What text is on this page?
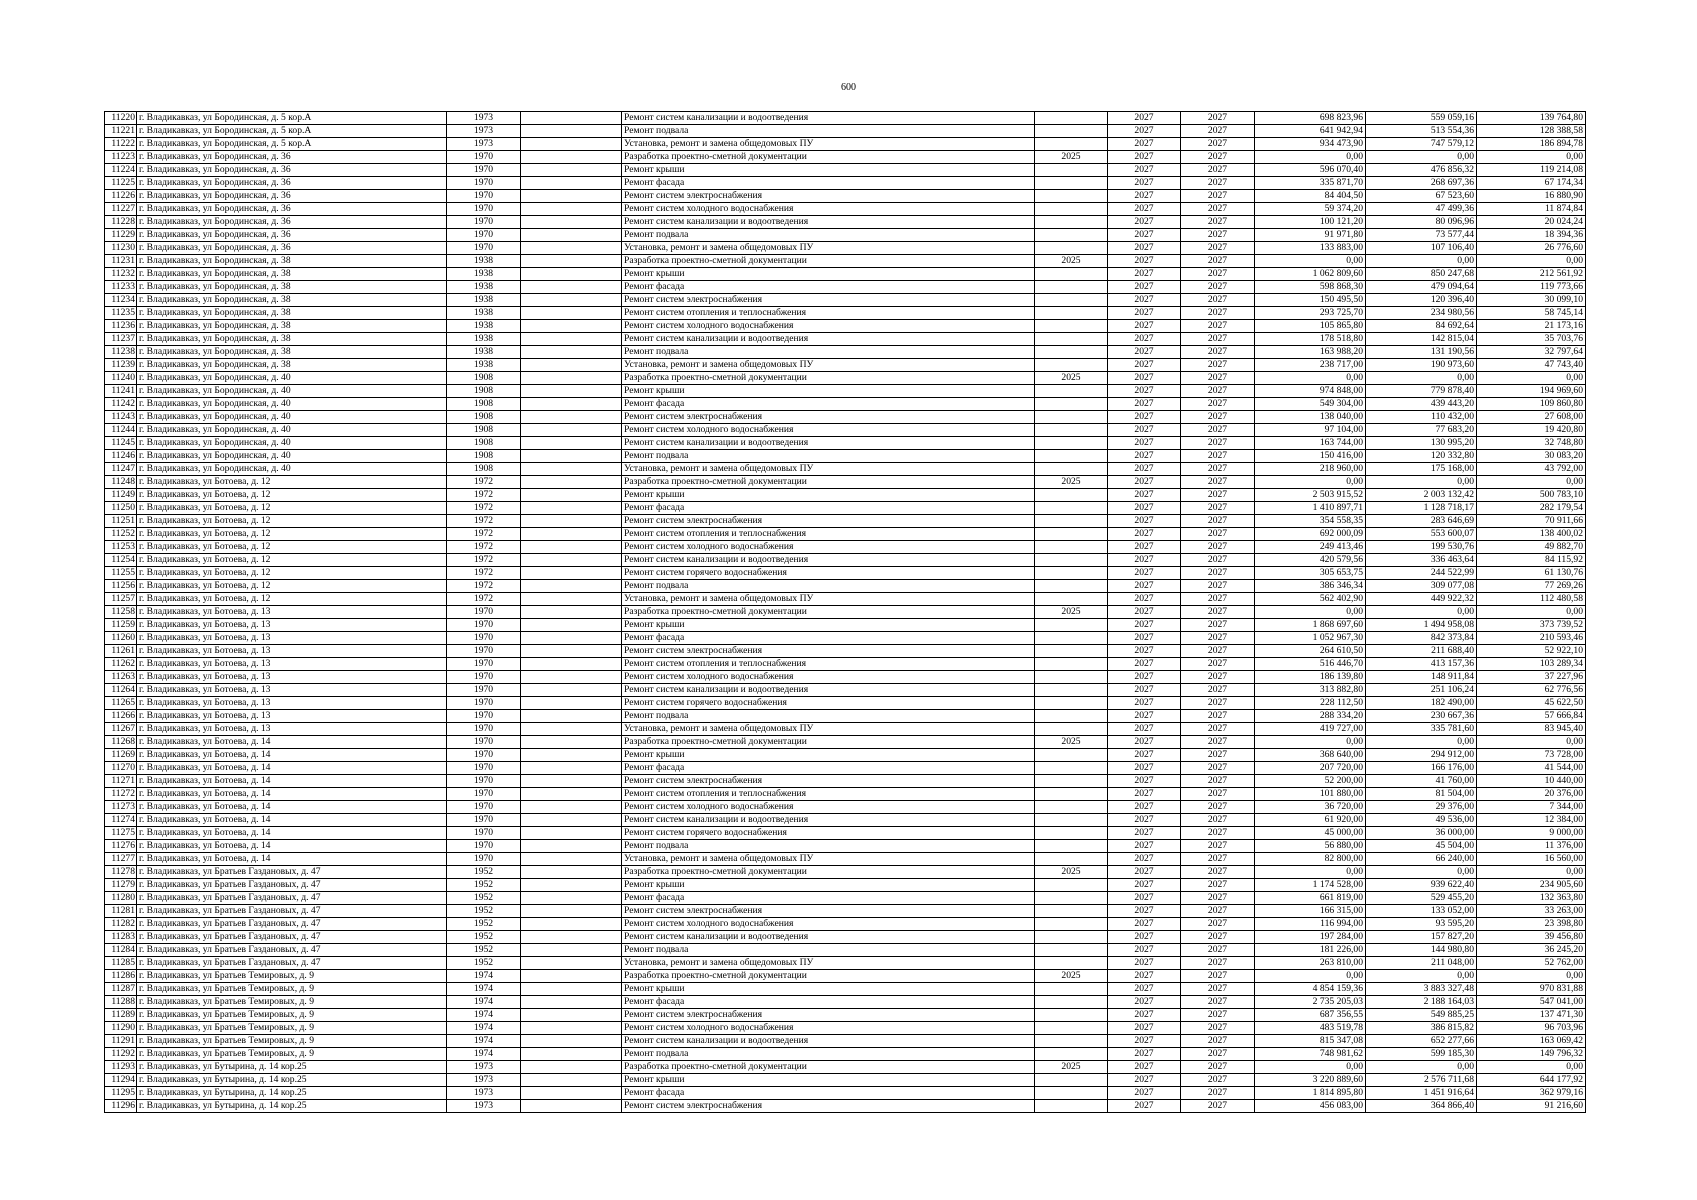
600
11220	г. Владикавказ, ул Бородинская, д. 5 кор.А	1973		Ремонт систем канализации и водоотведения		2027	2027	698 823,96	559 059,16	139 764,80
11221	г. Владикавказ, ул Бородинская, д. 5 кор.А	1973		Ремонт подвала		2027	2027	641 942,94	513 554,36	128 388,58
11222	г. Владикавказ, ул Бородинская, д. 5 кор.А	1973		Установка, ремонт и замена общедомовых ПУ		2027	2027	934 473,90	747 579,12	186 894,78
11223	г. Владикавказ, ул Бородинская, д. 36	1970		Разработка проектно-сметной документации	2025	2027	2027	0,00	0,00	0,00
11224	г. Владикавказ, ул Бородинская, д. 36	1970		Ремонт крыши		2027	2027	596 070,40	476 856,32	119 214,08
11225	г. Владикавказ, ул Бородинская, д. 36	1970		Ремонт фасада		2027	2027	335 871,70	268 697,36	67 174,34
11226	г. Владикавказ, ул Бородинская, д. 36	1970		Ремонт систем электроснабжения		2027	2027	84 404,50	67 523,60	16 880,90
11227	г. Владикавказ, ул Бородинская, д. 36	1970		Ремонт систем холодного водоснабжения		2027	2027	59 374,20	47 499,36	11 874,84
11228	г. Владикавказ, ул Бородинская, д. 36	1970		Ремонт систем канализации и водоотведения		2027	2027	100 121,20	80 096,96	20 024,24
11229	г. Владикавказ, ул Бородинская, д. 36	1970		Ремонт подвала		2027	2027	91 971,80	73 577,44	18 394,36
11230	г. Владикавказ, ул Бородинская, д. 36	1970		Установка, ремонт и замена общедомовых ПУ		2027	2027	133 883,00	107 106,40	26 776,60
11231	г. Владикавказ, ул Бородинская, д. 38	1938		Разработка проектно-сметной документации	2025	2027	2027	0,00	0,00	0,00
11232	г. Владикавказ, ул Бородинская, д. 38	1938		Ремонт крыши		2027	2027	1 062 809,60	850 247,68	212 561,92
11233	г. Владикавказ, ул Бородинская, д. 38	1938		Ремонт фасада		2027	2027	598 868,30	479 094,64	119 773,66
11234	г. Владикавказ, ул Бородинская, д. 38	1938		Ремонт систем электроснабжения		2027	2027	150 495,50	120 396,40	30 099,10
11235	г. Владикавказ, ул Бородинская, д. 38	1938		Ремонт систем отопления и теплоснабжения		2027	2027	293 725,70	234 980,56	58 745,14
11236	г. Владикавказ, ул Бородинская, д. 38	1938		Ремонт систем холодного водоснабжения		2027	2027	105 865,80	84 692,64	21 173,16
11237	г. Владикавказ, ул Бородинская, д. 38	1938		Ремонт систем канализации и водоотведения		2027	2027	178 518,80	142 815,04	35 703,76
11238	г. Владикавказ, ул Бородинская, д. 38	1938		Ремонт подвала		2027	2027	163 988,20	131 190,56	32 797,64
11239	г. Владикавказ, ул Бородинская, д. 38	1938		Установка, ремонт и замена общедомовых ПУ		2027	2027	238 717,00	190 973,60	47 743,40
11240	г. Владикавказ, ул Бородинская, д. 40	1908		Разработка проектно-сметной документации	2025	2027	2027	0,00	0,00	0,00
11241	г. Владикавказ, ул Бородинская, д. 40	1908		Ремонт крыши		2027	2027	974 848,00	779 878,40	194 969,60
11242	г. Владикавказ, ул Бородинская, д. 40	1908		Ремонт фасада		2027	2027	549 304,00	439 443,20	109 860,80
11243	г. Владикавказ, ул Бородинская, д. 40	1908		Ремонт систем электроснабжения		2027	2027	138 040,00	110 432,00	27 608,00
11244	г. Владикавказ, ул Бородинская, д. 40	1908		Ремонт систем холодного водоснабжения		2027	2027	97 104,00	77 683,20	19 420,80
11245	г. Владикавказ, ул Бородинская, д. 40	1908		Ремонт систем канализации и водоотведения		2027	2027	163 744,00	130 995,20	32 748,80
11246	г. Владикавказ, ул Бородинская, д. 40	1908		Ремонт подвала		2027	2027	150 416,00	120 332,80	30 083,20
11247	г. Владикавказ, ул Бородинская, д. 40	1908		Установка, ремонт и замена общедомовых ПУ		2027	2027	218 960,00	175 168,00	43 792,00
11248	г. Владикавказ, ул Ботоева, д. 12	1972		Разработка проектно-сметной документации	2025	2027	2027	0,00	0,00	0,00
11249	г. Владикавказ, ул Ботоева, д. 12	1972		Ремонт крыши		2027	2027	2 503 915,52	2 003 132,42	500 783,10
11250	г. Владикавказ, ул Ботоева, д. 12	1972		Ремонт фасада		2027	2027	1 410 897,71	1 128 718,17	282 179,54
11251	г. Владикавказ, ул Ботоева, д. 12	1972		Ремонт систем электроснабжения		2027	2027	354 558,35	283 646,69	70 911,66
11252	г. Владикавказ, ул Ботоева, д. 12	1972		Ремонт систем отопления и теплоснабжения		2027	2027	692 000,09	553 600,07	138 400,02
11253	г. Владикавказ, ул Ботоева, д. 12	1972		Ремонт систем холодного водоснабжения		2027	2027	249 413,46	199 530,76	49 882,70
11254	г. Владикавказ, ул Ботоева, д. 12	1972		Ремонт систем канализации и водоотведения		2027	2027	420 579,56	336 463,64	84 115,92
11255	г. Владикавказ, ул Ботоева, д. 12	1972		Ремонт систем горячего водоснабжения		2027	2027	305 653,75	244 522,99	61 130,76
11256	г. Владикавказ, ул Ботоева, д. 12	1972		Ремонт подвала		2027	2027	386 346,34	309 077,08	77 269,26
11257	г. Владикавказ, ул Ботоева, д. 12	1972		Установка, ремонт и замена общедомовых ПУ		2027	2027	562 402,90	449 922,32	112 480,58
11258	г. Владикавказ, ул Ботоева, д. 13	1970		Разработка проектно-сметной документации	2025	2027	2027	0,00	0,00	0,00
11259	г. Владикавказ, ул Ботоева, д. 13	1970		Ремонт крыши		2027	2027	1 868 697,60	1 494 958,08	373 739,52
11260	г. Владикавказ, ул Ботоева, д. 13	1970		Ремонт фасада		2027	2027	1 052 967,30	842 373,84	210 593,46
11261	г. Владикавказ, ул Ботоева, д. 13	1970		Ремонт систем электроснабжения		2027	2027	264 610,50	211 688,40	52 922,10
11262	г. Владикавказ, ул Ботоева, д. 13	1970		Ремонт систем отопления и теплоснабжения		2027	2027	516 446,70	413 157,36	103 289,34
11263	г. Владикавказ, ул Ботоева, д. 13	1970		Ремонт систем холодного водоснабжения		2027	2027	186 139,80	148 911,84	37 227,96
11264	г. Владикавказ, ул Ботоева, д. 13	1970		Ремонт систем канализации и водоотведения		2027	2027	313 882,80	251 106,24	62 776,56
11265	г. Владикавказ, ул Ботоева, д. 13	1970		Ремонт систем горячего водоснабжения		2027	2027	228 112,50	182 490,00	45 622,50
11266	г. Владикавказ, ул Ботоева, д. 13	1970		Ремонт подвала		2027	2027	288 334,20	230 667,36	57 666,84
11267	г. Владикавказ, ул Ботоева, д. 13	1970		Установка, ремонт и замена общедомовых ПУ		2027	2027	419 727,00	335 781,60	83 945,40
11268	г. Владикавказ, ул Ботоева, д. 14	1970		Разработка проектно-сметной документации	2025	2027	2027	0,00	0,00	0,00
11269	г. Владикавказ, ул Ботоева, д. 14	1970		Ремонт крыши		2027	2027	368 640,00	294 912,00	73 728,00
11270	г. Владикавказ, ул Ботоева, д. 14	1970		Ремонт фасада		2027	2027	207 720,00	166 176,00	41 544,00
11271	г. Владикавказ, ул Ботоева, д. 14	1970		Ремонт систем электроснабжения		2027	2027	52 200,00	41 760,00	10 440,00
11272	г. Владикавказ, ул Ботоева, д. 14	1970		Ремонт систем отопления и теплоснабжения		2027	2027	101 880,00	81 504,00	20 376,00
11273	г. Владикавказ, ул Ботоева, д. 14	1970		Ремонт систем холодного водоснабжения		2027	2027	36 720,00	29 376,00	7 344,00
11274	г. Владикавказ, ул Ботоева, д. 14	1970		Ремонт систем канализации и водоотведения		2027	2027	61 920,00	49 536,00	12 384,00
11275	г. Владикавказ, ул Ботоева, д. 14	1970		Ремонт систем горячего водоснабжения		2027	2027	45 000,00	36 000,00	9 000,00
11276	г. Владикавказ, ул Ботоева, д. 14	1970		Ремонт подвала		2027	2027	56 880,00	45 504,00	11 376,00
11277	г. Владикавказ, ул Ботоева, д. 14	1970		Установка, ремонт и замена общедомовых ПУ		2027	2027	82 800,00	66 240,00	16 560,00
11278	г. Владикавказ, ул Братьев Газдановых, д. 47	1952		Разработка проектно-сметной документации	2025	2027	2027	0,00	0,00	0,00
11279	г. Владикавказ, ул Братьев Газдановых, д. 47	1952		Ремонт крыши		2027	2027	1 174 528,00	939 622,40	234 905,60
11280	г. Владикавказ, ул Братьев Газдановых, д. 47	1952		Ремонт фасада		2027	2027	661 819,00	529 455,20	132 363,80
11281	г. Владикавказ, ул Братьев Газдановых, д. 47	1952		Ремонт систем электроснабжения		2027	2027	166 315,00	133 052,00	33 263,00
11282	г. Владикавказ, ул Братьев Газдановых, д. 47	1952		Ремонт систем холодного водоснабжения		2027	2027	116 994,00	93 595,20	23 398,80
11283	г. Владикавказ, ул Братьев Газдановых, д. 47	1952		Ремонт систем канализации и водоотведения		2027	2027	197 284,00	157 827,20	39 456,80
11284	г. Владикавказ, ул Братьев Газдановых, д. 47	1952		Ремонт подвала		2027	2027	181 226,00	144 980,80	36 245,20
11285	г. Владикавказ, ул Братьев Газдановых, д. 47	1952		Установка, ремонт и замена общедомовых ПУ		2027	2027	263 810,00	211 048,00	52 762,00
11286	г. Владикавказ, ул Братьев Темировых, д. 9	1974		Разработка проектно-сметной документации	2025	2027	2027	0,00	0,00	0,00
11287	г. Владикавказ, ул Братьев Темировых, д. 9	1974		Ремонт крыши		2027	2027	4 854 159,36	3 883 327,48	970 831,88
11288	г. Владикавказ, ул Братьев Темировых, д. 9	1974		Ремонт фасада		2027	2027	2 735 205,03	2 188 164,03	547 041,00
11289	г. Владикавказ, ул Братьев Темировых, д. 9	1974		Ремонт систем электроснабжения		2027	2027	687 356,55	549 885,25	137 471,30
11290	г. Владикавказ, ул Братьев Темировых, д. 9	1974		Ремонт систем холодного водоснабжения		2027	2027	483 519,78	386 815,82	96 703,96
11291	г. Владикавказ, ул Братьев Темировых, д. 9	1974		Ремонт систем канализации и водоотведения		2027	2027	815 347,08	652 277,66	163 069,42
11292	г. Владикавказ, ул Братьев Темировых, д. 9	1974		Ремонт подвала		2027	2027	748 981,62	599 185,30	149 796,32
11293	г. Владикавказ, ул Бутырина, д. 14 кор.25	1973		Разработка проектно-сметной документации	2025	2027	2027	0,00	0,00	0,00
11294	г. Владикавказ, ул Бутырина, д. 14 кор.25	1973		Ремонт крыши		2027	2027	3 220 889,60	2 576 711,68	644 177,92
11295	г. Владикавказ, ул Бутырина, д. 14 кор.25	1973		Ремонт фасада		2027	2027	1 814 895,80	1 451 916,64	362 979,16
11296	г. Владикавказ, ул Бутырина, д. 14 кор.25	1973		Ремонт систем электроснабжения		2027	2027	456 083,00	364 866,40	91 216,60
